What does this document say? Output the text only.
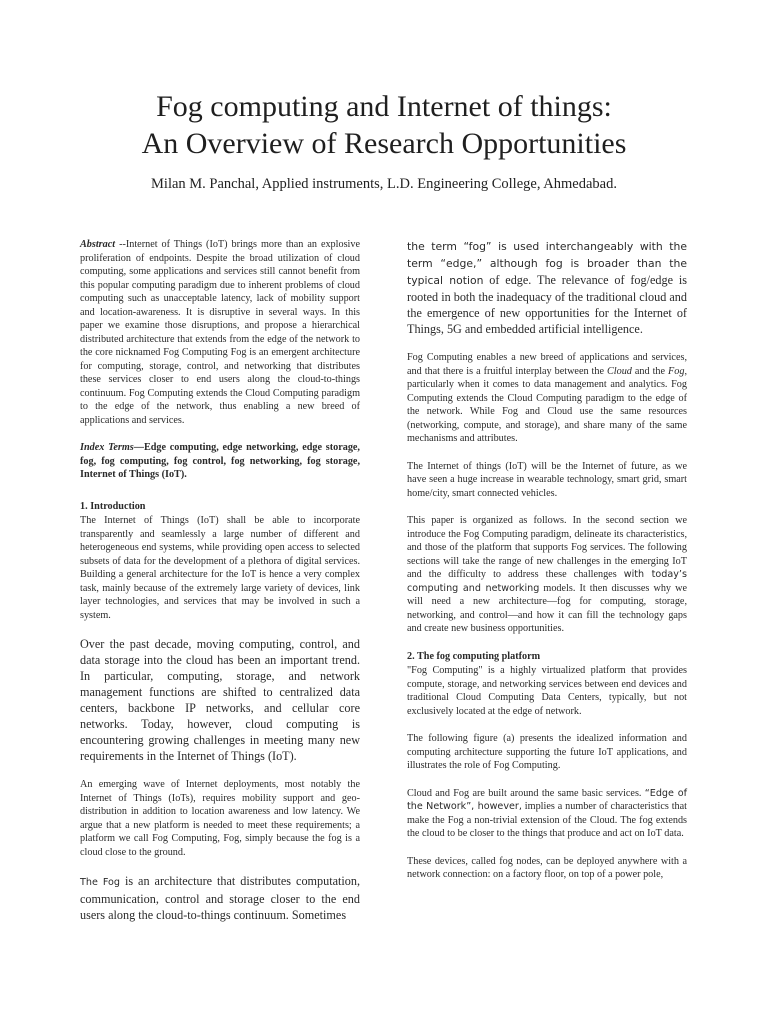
Fog computing and Internet of things:
An Overview of Research Opportunities
Milan M. Panchal, Applied instruments, L.D. Engineering College, Ahmedabad.

Abstract --Internet of Things (IoT) brings more than an explosive proliferation of endpoints. Despite the broad utilization of cloud computing, some applications and services still cannot benefit from this popular computing paradigm due to inherent problems of cloud computing such as unacceptable latency, lack of mobility support and location-awareness. It is disruptive in several ways. In this paper we examine those disruptions, and propose a hierarchical distributed architecture that extends from the edge of the network to the core nicknamed Fog Computing Fog is an emergent architecture for computing, storage, control, and networking that distributes these services closer to end users along the cloud-to-things continuum. Fog Computing extends the Cloud Computing paradigm to the edge of the network, thus enabling a new breed of applications and services.

Index Terms—Edge computing, edge networking, edge storage, fog, fog computing, fog control, fog networking, fog storage, Internet of Things (IoT).

1. Introduction

The Internet of Things (IoT) shall be able to incorporate transparently and seamlessly a large number of different and heterogeneous end systems, while providing open access to selected subsets of data for the development of a plethora of digital services. Building a general architecture for the IoT is hence a very complex task, mainly because of the extremely large variety of devices, link layer technologies, and services that may be involved in such a system.

Over the past decade, moving computing, control, and data storage into the cloud has been an important trend. In particular, computing, storage, and network management functions are shifted to centralized data centers, backbone IP networks, and cellular core networks. Today, however, cloud computing is encountering growing challenges in meeting many new requirements in the Internet of Things (IoT).

An emerging wave of Internet deployments, most notably the Internet of Things (IoTs), requires mobility support and geo-distribution in addition to location awareness and low latency. We argue that a new platform is needed to meet these requirements; a platform we call Fog Computing, Fog, simply because the fog is a cloud close to the ground.

The Fog is an architecture that distributes computation, communication, control and storage closer to the end users along the cloud-to-things continuum. Sometimes

the term “fog” is used interchangeably with the term “edge,” although fog is broader than the typical notion of edge. The relevance of fog/edge is rooted in both the inadequacy of the traditional cloud and the emergence of new opportunities for the Internet of Things, 5G and embedded artificial intelligence.

Fog Computing enables a new breed of applications and services, and that there is a fruitful interplay between the Cloud and the Fog, particularly when it comes to data management and analytics. Fog Computing extends the Cloud Computing paradigm to the edge of the network. While Fog and Cloud use the same resources (networking, compute, and storage), and share many of the same mechanisms and attributes.

The Internet of things (IoT) will be the Internet of future, as we have seen a huge increase in wearable technology, smart grid, smart home/city, smart connected vehicles.

This paper is organized as follows. In the second section we introduce the Fog Computing paradigm, delineate its characteristics, and those of the platform that supports Fog services. The following sections will take the range of new challenges in the emerging IoT and the difficulty to address these challenges with today’s computing and networking models. It then discusses why we will need a new architecture—fog for computing, storage, networking, and control—and how it can fill the technology gaps and create new business opportunities.

2. The fog computing platform

"Fog Computing" is a highly virtualized platform that provides compute, storage, and networking services between end devices and traditional Cloud Computing Data Centers, typically, but not exclusively located at the edge of network.

The following figure (a) presents the idealized information and computing architecture supporting the future IoT applications, and illustrates the role of Fog Computing.

Cloud and Fog are built around the same basic services. “Edge of the Network”, however, implies a number of characteristics that make the Fog a non-trivial extension of the Cloud. The fog extends the cloud to be closer to the things that produce and act on IoT data.

These devices, called fog nodes, can be deployed anywhere with a network connection: on a factory floor, on top of a power pole,
